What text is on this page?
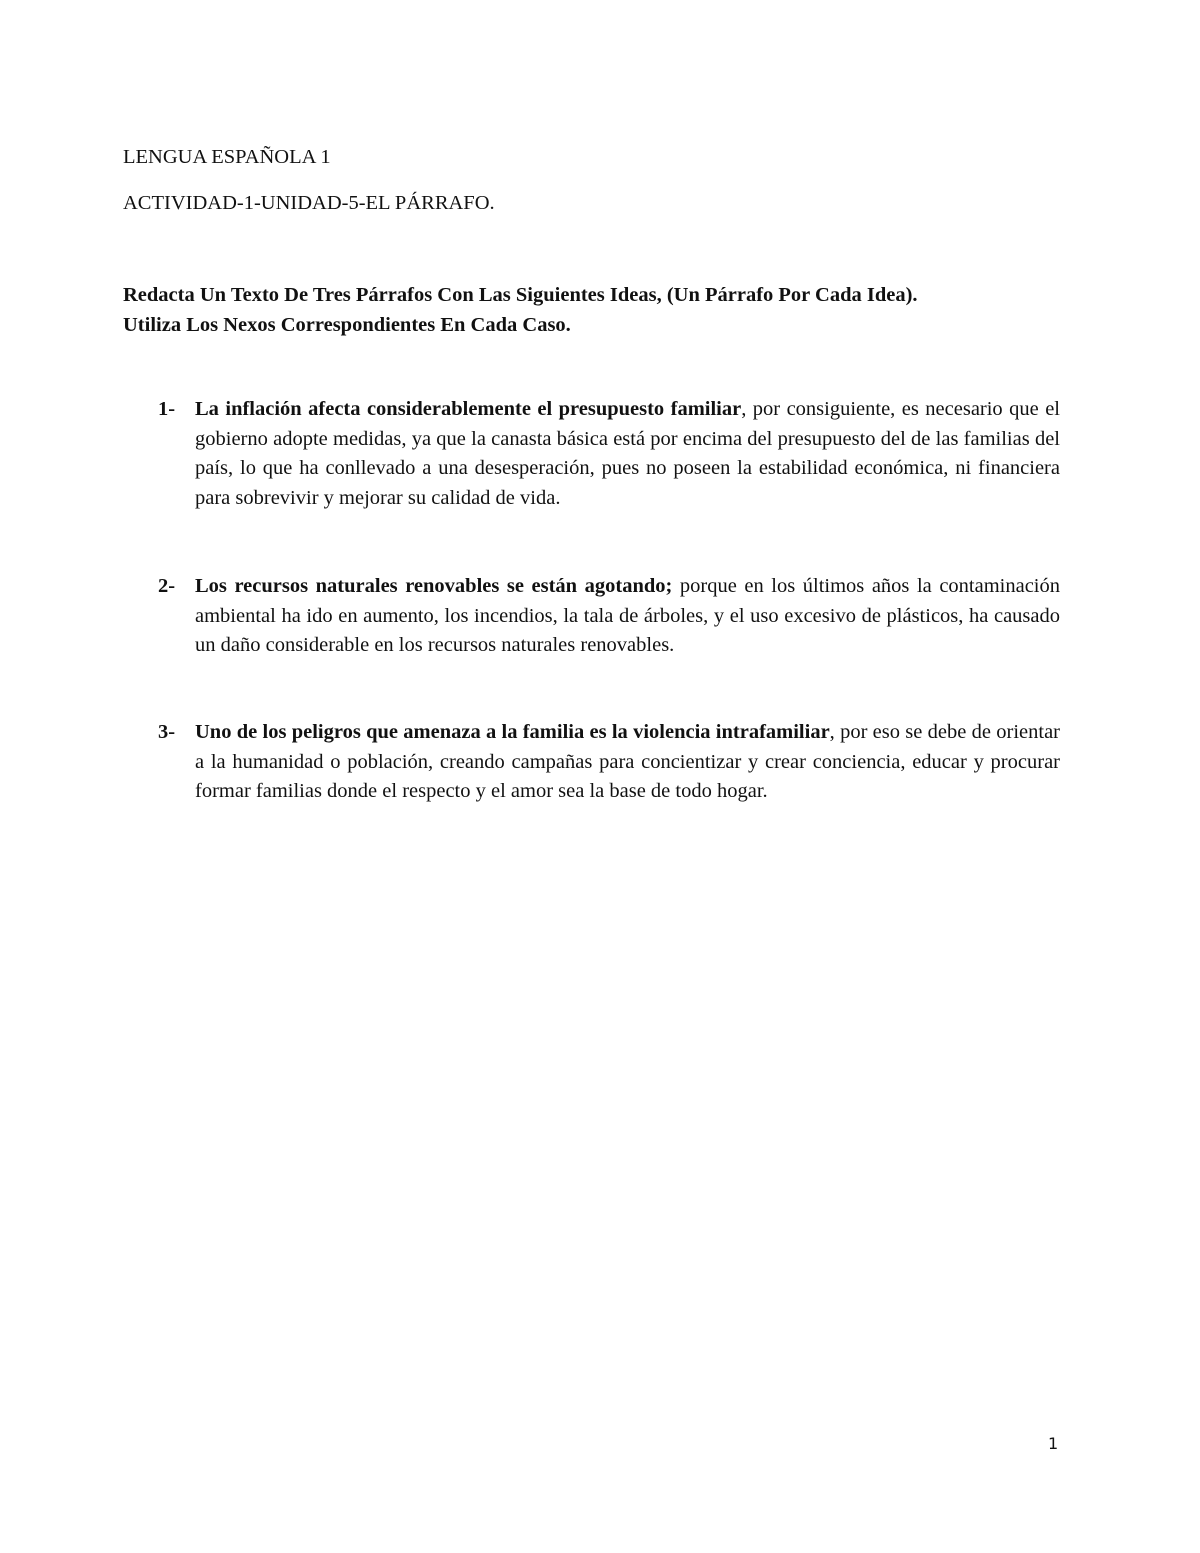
LENGUA ESPAÑOLA 1
ACTIVIDAD-1-UNIDAD-5-EL PÁRRAFO.
Redacta Un Texto De Tres Párrafos Con Las Siguientes Ideas, (Un Párrafo Por Cada Idea).
Utiliza Los Nexos Correspondientes En Cada Caso.
1- La inflación afecta considerablemente el presupuesto familiar, por consiguiente, es necesario que el gobierno adopte medidas, ya que la canasta básica está por encima del presupuesto del de las familias del país, lo que ha conllevado a una desesperación, pues no poseen la estabilidad económica, ni financiera para sobrevivir y mejorar su calidad de vida.
2- Los recursos naturales renovables se están agotando; porque en los últimos años la contaminación ambiental ha ido en aumento, los incendios, la tala de árboles, y el uso excesivo de plásticos, ha causado un daño considerable en los recursos naturales renovables.
3- Uno de los peligros que amenaza a la familia es la violencia intrafamiliar, por eso se debe de orientar a la humanidad o población, creando campañas para concientizar y crear conciencia, educar y procurar formar familias donde el respecto y el amor sea la base de todo hogar.
1
